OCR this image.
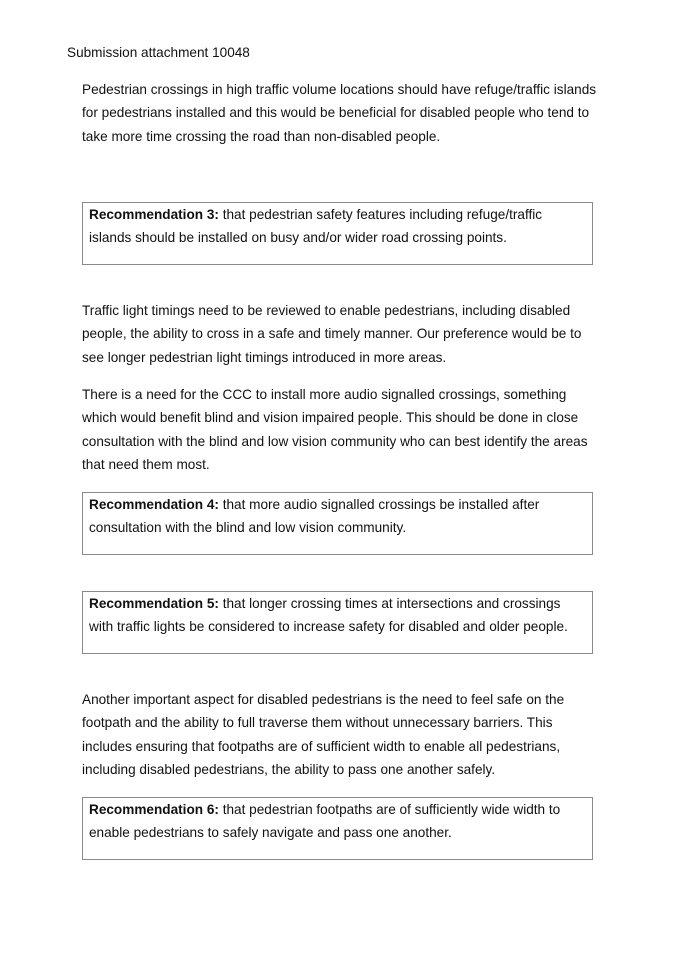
Submission attachment 10048

Pedestrian crossings in high traffic volume locations should have refuge/traffic islands for pedestrians installed and this would be beneficial for disabled people who tend to take more time crossing the road than non-disabled people.

Recommendation 3: that pedestrian safety features including refuge/traffic islands should be installed on busy and/or wider road crossing points.

Traffic light timings need to be reviewed to enable pedestrians, including disabled people, the ability to cross in a safe and timely manner. Our preference would be to see longer pedestrian light timings introduced in more areas.

There is a need for the CCC to install more audio signalled crossings, something which would benefit blind and vision impaired people. This should be done in close consultation with the blind and low vision community who can best identify the areas that need them most.

Recommendation 4: that more audio signalled crossings be installed after consultation with the blind and low vision community.
Recommendation 5: that longer crossing times at intersections and crossings with traffic lights be considered to increase safety for disabled and older people.

Another important aspect for disabled pedestrians is the need to feel safe on the footpath and the ability to full traverse them without unnecessary barriers. This includes ensuring that footpaths are of sufficient width to enable all pedestrians, including disabled pedestrians, the ability to pass one another safely.

Recommendation 6: that pedestrian footpaths are of sufficiently wide width to enable pedestrians to safely navigate and pass one another.
